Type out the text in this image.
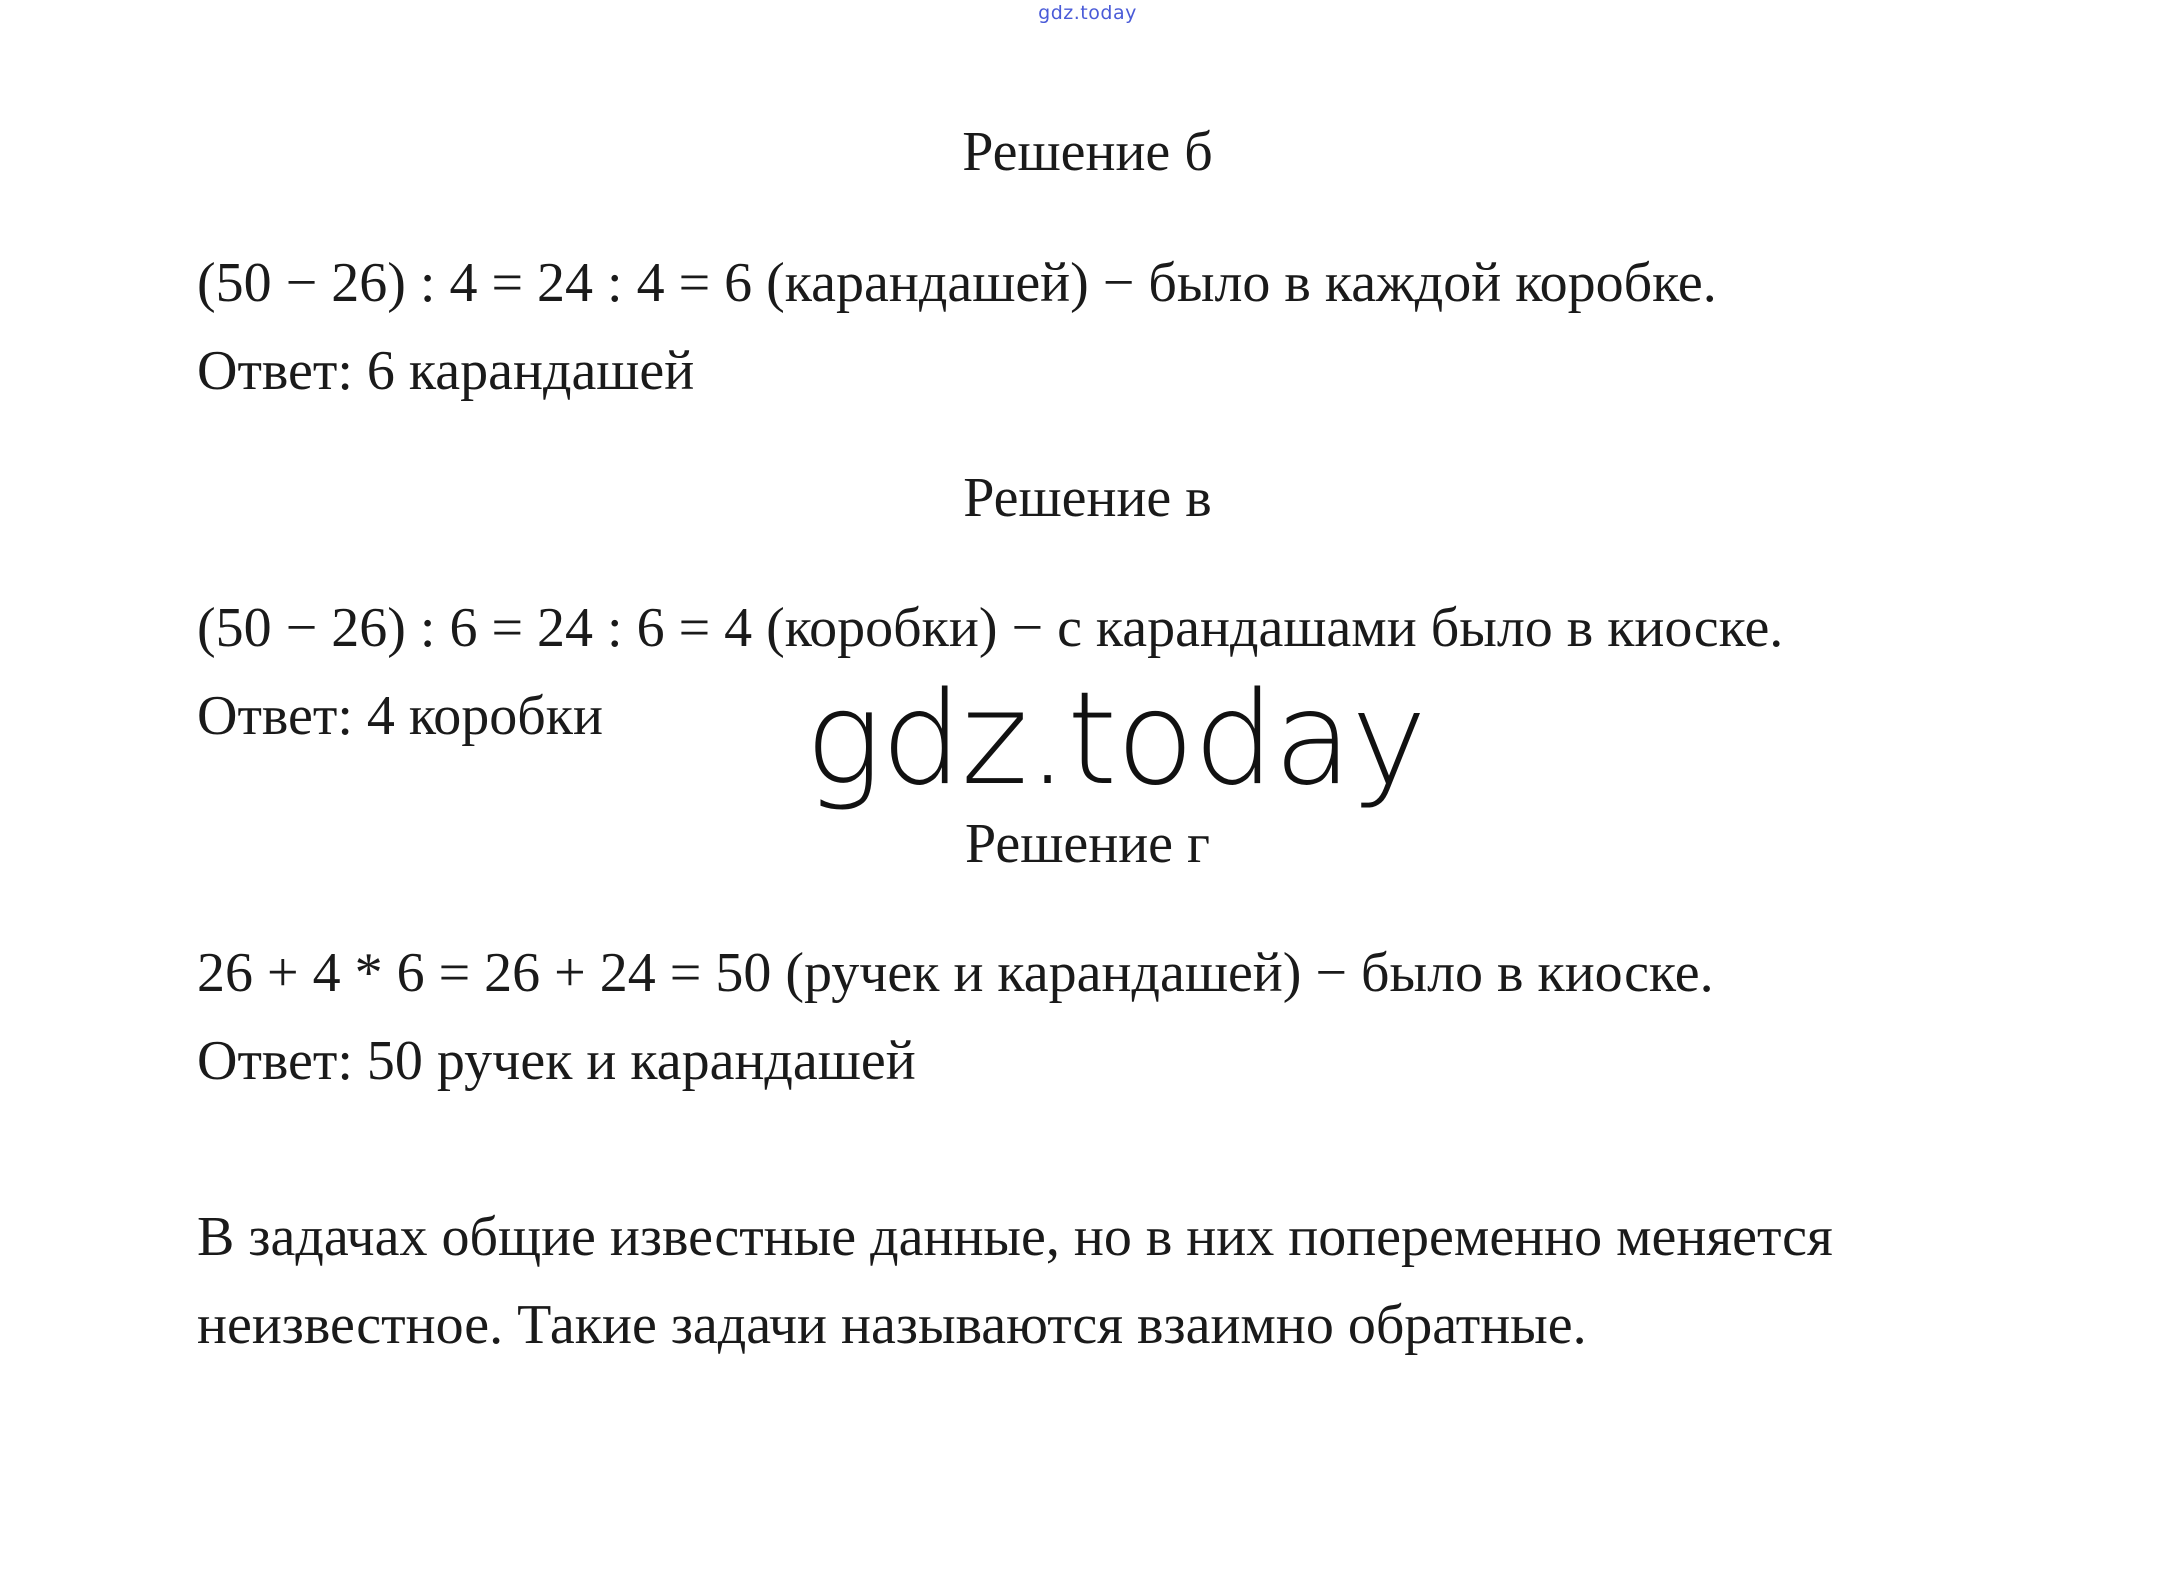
gdz.today
Решение б
(50 − 26) : 4 = 24 : 4 = 6 (карандашей) − было в каждой коробке.
Ответ: 6 карандашей
Решение в
(50 − 26) : 6 = 24 : 6 = 4 (коробки) − с карандашами было в киоске.
Ответ: 4 коробки gdz.today
Решение г
26 + 4 * 6 = 26 + 24 = 50 (ручек и карандашей) − было в киоске.
Ответ: 50 ручек и карандашей
В задачах общие известные данные, но в них попеременно меняется
неизвестное. Такие задачи называются взаимно обратные.
